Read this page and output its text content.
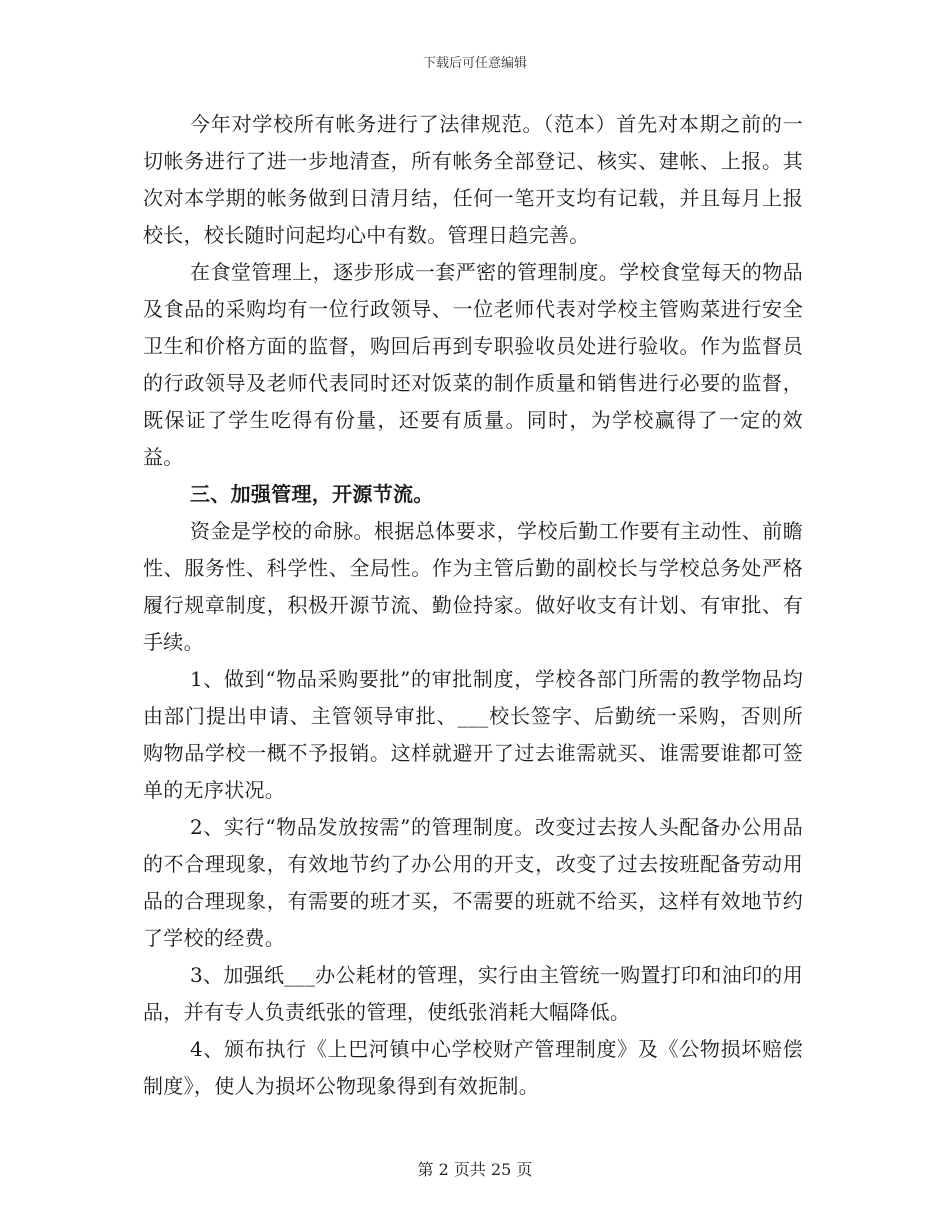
下载后可任意编辑

今年对学校所有帐务进行了法律规范。（范本）首先对本期之前的一切帐务进行了进一步地清查，所有帐务全部登记、核实、建帐、上报。其次对本学期的帐务做到日清月结，任何一笔开支均有记载，并且每月上报校长，校长随时问起均心中有数。管理日趋完善。

在食堂管理上，逐步形成一套严密的管理制度。学校食堂每天的物品及食品的采购均有一位行政领导、一位老师代表对学校主管购菜进行安全卫生和价格方面的监督，购回后再到专职验收员处进行验收。作为监督员的行政领导及老师代表同时还对饭菜的制作质量和销售进行必要的监督，既保证了学生吃得有份量，还要有质量。同时，为学校赢得了一定的效益。

三、加强管理，开源节流。

资金是学校的命脉。根据总体要求，学校后勤工作要有主动性、前瞻性、服务性、科学性、全局性。作为主管后勤的副校长与学校总务处严格履行规章制度，积极开源节流、勤俭持家。做好收支有计划、有审批、有手续。

1、做到“物品采购要批”的审批制度，学校各部门所需的教学物品均由部门提出申请、主管领导审批、___校长签字、后勤统一采购，否则所购物品学校一概不予报销。这样就避开了过去谁需就买、谁需要谁都可签单的无序状况。

2、实行“物品发放按需”的管理制度。改变过去按人头配备办公用品的不合理现象，有效地节约了办公用的开支，改变了过去按班配备劳动用品的合理现象，有需要的班才买，不需要的班就不给买，这样有效地节约了学校的经费。

3、加强纸___办公耗材的管理，实行由主管统一购置打印和油印的用品，并有专人负责纸张的管理，使纸张消耗大幅降低。

4、颁布执行《上巴河镇中心学校财产管理制度》及《公物损坏赔偿制度》，使人为损坏公物现象得到有效扼制。

第 2 页共 25 页
